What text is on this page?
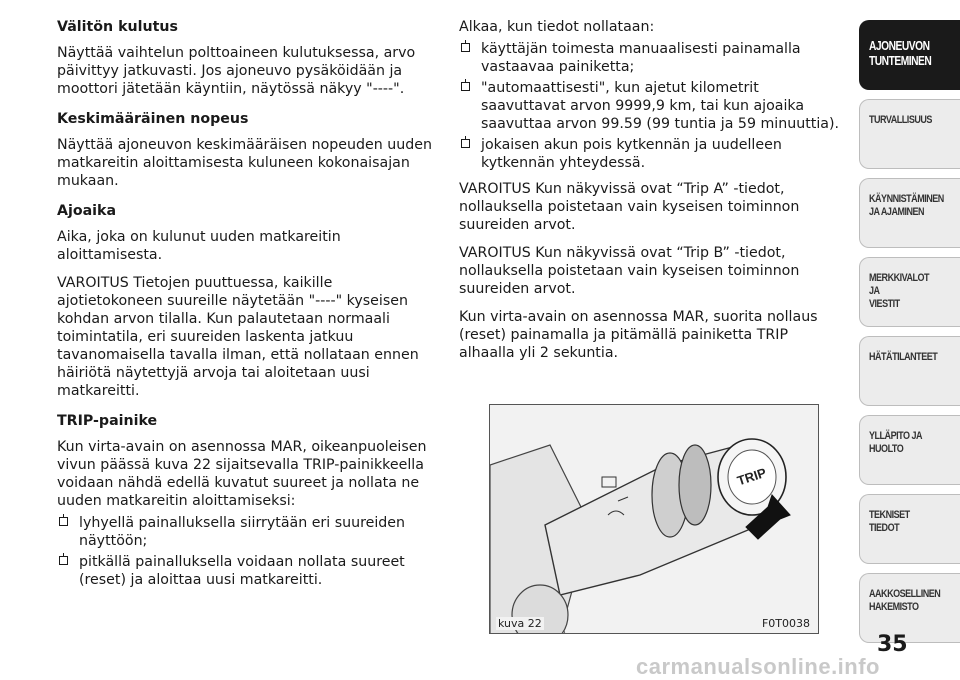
Välitön kulutus

Näyttää vaihtelun polttoaineen kulutuksessa, arvo päivittyy jatkuvasti. Jos ajoneuvo pysäköidään ja moottori jätetään käyntiin, näytössä näkyy "----".

Keskimääräinen nopeus

Näyttää ajoneuvon keskimääräisen nopeuden uuden matkareitin aloittamisesta kuluneen kokonaisajan mukaan.

Ajoaika

Aika, joka on kulunut uuden matkareitin aloittamisesta.

VAROITUS Tietojen puuttuessa, kaikille ajotietokoneen suureille näytetään "----" kyseisen kohdan arvon tilalla. Kun palautetaan normaali toimintatila, eri suureiden laskenta jatkuu tavanomaisella tavalla ilman, että nollataan ennen häiriötä näytettyjä arvoja tai aloitetaan uusi matkareitti.

TRIP-painike

Kun virta-avain on asennossa MAR, oikeanpuoleisen vivun päässä kuva 22 sijaitsevalla TRIP-painikkeella voidaan nähdä edellä kuvatut suureet ja nollata ne uuden matkareitin aloittamiseksi:

lyhyellä painalluksella siirrytään eri suureiden näyttöön;
pitkällä painalluksella voidaan nollata suureet (reset) ja aloittaa uusi matkareitti.

Alkaa, kun tiedot nollataan:

käyttäjän toimesta manuaalisesti painamalla vastaavaa painiketta;
"automaattisesti", kun ajetut kilometrit saavuttavat arvon 9999,9 km, tai kun ajoaika saavuttaa arvon 99.59 (99 tuntia ja 59 minuuttia).
jokaisen akun pois kytkennän ja uudelleen kytkennän yhteydessä.

VAROITUS Kun näkyvissä ovat “Trip A” -tiedot, nollauksella poistetaan vain kyseisen toiminnon suureiden arvot.

VAROITUS Kun näkyvissä ovat “Trip B” -tiedot, nollauksella poistetaan vain kyseisen toiminnon suureiden arvot.

Kun virta-avain on asennossa MAR, suorita nollaus (reset) painamalla ja pitämällä painiketta TRIP alhaalla yli 2 sekuntia.

TRIP
kuva 22	F0T0038
AJONEUVON
TUNTEMINEN
TURVALLISUUS
KÄYNNISTÄMINEN
JA AJAMINEN
MERKKIVALOT JA
VIESTIT
HÄTÄTILANTEET
YLLÄPITO JA HUOLTO
TEKNISET TIEDOT
AAKKOSELLINEN
HAKEMISTO
35
carmanualsonline.info
